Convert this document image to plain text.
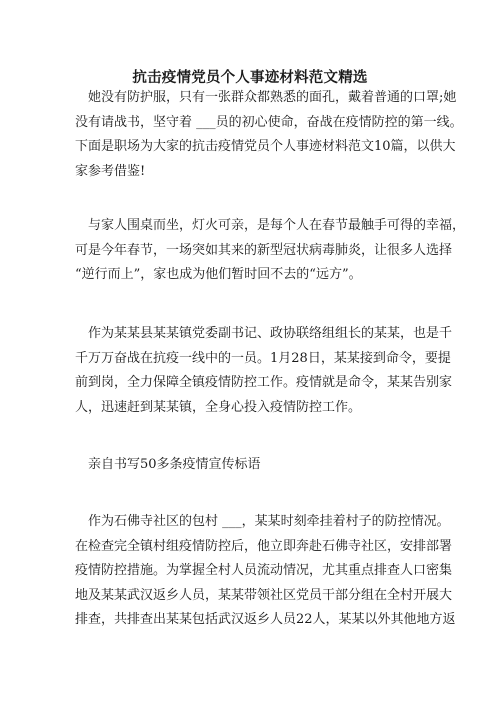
抗击疫情党员个人事迹材料范文精选

　她没有防护服，只有一张群众都熟悉的面孔，戴着普通的口罩;她
没有请战书，坚守着 ___员的初心使命，奋战在疫情防控的第一线。
下面是职场为大家的抗击疫情党员个人事迹材料范文10篇，以供大
家参考借鉴!

　与家人围桌而坐，灯火可亲，是每个人在春节最触手可得的幸福，
可是今年春节，一场突如其来的新型冠状病毒肺炎，让很多人选择
“逆行而上”，家也成为他们暂时回不去的“远方”。

　作为某某县某某镇党委副书记、政协联络组组长的某某，也是千
千万万奋战在抗疫一线中的一员。1月28日，某某接到命令，要提
前到岗，全力保障全镇疫情防控工作。疫情就是命令，某某告别家
人，迅速赶到某某镇，全身心投入疫情防控工作。

　亲自书写50多条疫情宣传标语

　作为石佛寺社区的包村 ___，某某时刻牵挂着村子的防控情况。
在检查完全镇村组疫情防控后，他立即奔赴石佛寺社区，安排部署
疫情防控措施。为掌握全村人员流动情况，尤其重点排查人口密集
地及某某武汉返乡人员，某某带领社区党员干部分组在全村开展大
排查，共排查出某某包括武汉返乡人员22人，某某以外其他地方返
